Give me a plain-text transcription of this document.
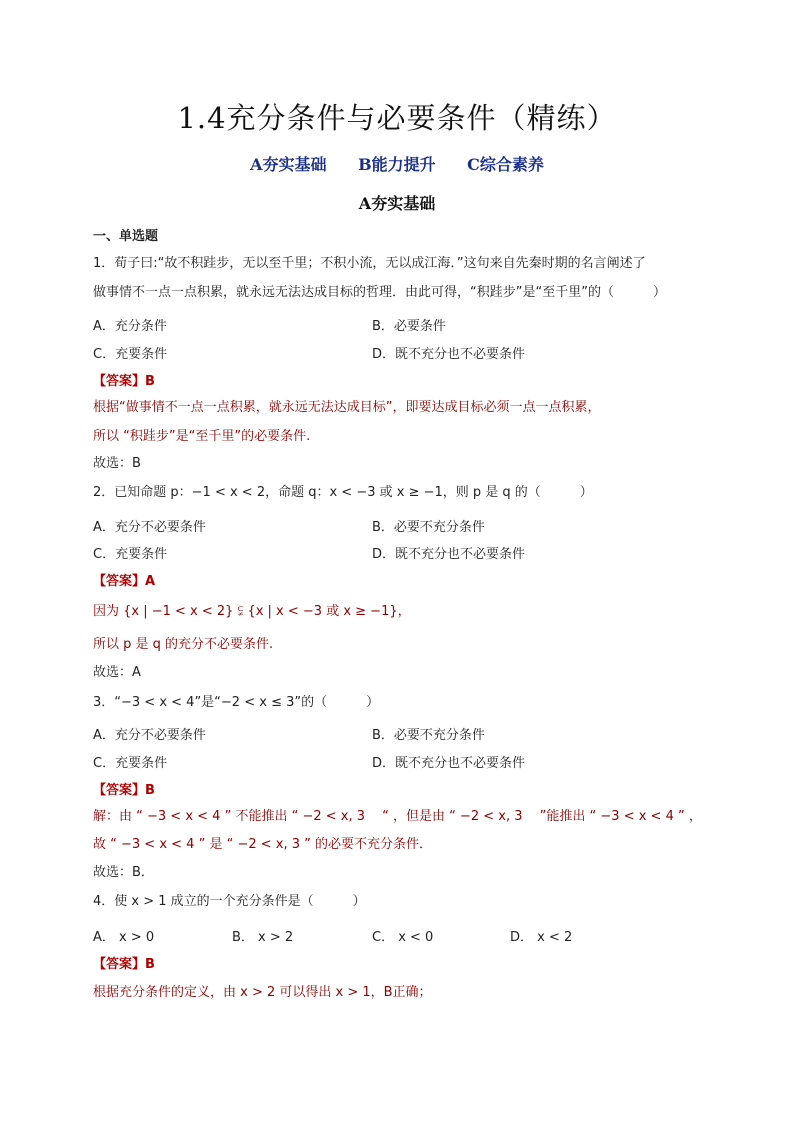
1.4充分条件与必要条件（精练）
A夯实基础 B能力提升 C综合素养
A夯实基础
一、单选题
1．荀子曰:“故不积跬步，无以至千里；不积小流，无以成江海．”这句来自先秦时期的名言阐述了
做事情不一点一点积累，就永远无法达成目标的哲理．由此可得，“积跬步”是“至千里”的（　　　）
A．充分条件	B．必要条件
C．充要条件	D．既不充分也不必要条件
【答案】B
根据“做事情不一点一点积累，就永远无法达成目标”，即要达成目标必须一点一点积累，
所以 “积跬步”是“至千里”的必要条件.
故选：B
2．已知命题 p：−1 < x < 2，命题 q：x < −3 或 x ≥ −1，则 p 是 q 的（　　　）
A．充分不必要条件	B．必要不充分条件
C．充要条件	D．既不充分也不必要条件
【答案】A
因为 {x | −1 < x < 2} ⫋ {x | x < −3 或 x ≥ −1}，
所以 p 是 q 的充分不必要条件.
故选：A
3．“−3 < x < 4”是“−2 < x ≤ 3”的（　　　）
A．充分不必要条件	B．必要不充分条件
C．充要条件	D．既不充分也不必要条件
【答案】B
解：由 “ −3 < x < 4 ” 不能推出 “ −2 < x, 3 　“ ，但是由 “ −2 < x, 3 　”能推出 “ −3 < x < 4 ” ，
故 “ −3 < x < 4 ” 是 “ −2 < x, 3 ” 的必要不充分条件．
故选：B．
4．使 x > 1 成立的一个充分条件是（　　　）
A． x > 0	B． x > 2	C． x < 0	D． x < 2
【答案】B
根据充分条件的定义，由 x > 2 可以得出 x > 1，B正确；
